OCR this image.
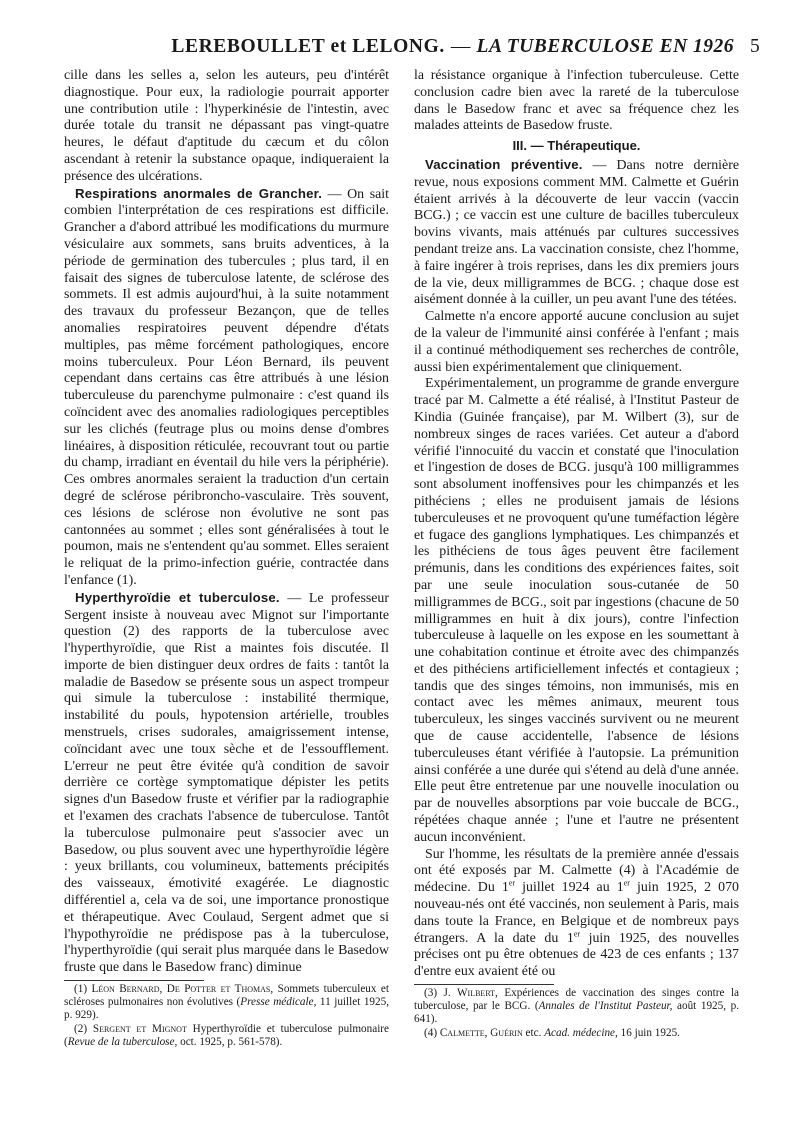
LEREBOULLET et LELONG. — LA TUBERCULOSE EN 1926 5

cille dans les selles a, selon les auteurs, peu d'intérêt diagnostique. Pour eux, la radiologie pourrait apporter une contribution utile : l'hyperkinésie de l'intestin, avec durée totale du transit ne dépassant pas vingt-quatre heures, le défaut d'aptitude du cæcum et du côlon ascendant à retenir la substance opaque, indiqueraient la présence des ulcérations.

Respirations anormales de Grancher. — On sait combien l'interprétation de ces respirations est difficile. Grancher a d'abord attribué les modifications du murmure vésiculaire aux sommets, sans bruits adventices, à la période de germination des tubercules ; plus tard, il en faisait des signes de tuberculose latente, de sclérose des sommets. Il est admis aujourd'hui, à la suite notamment des travaux du professeur Bezançon, que de telles anomalies respiratoires peuvent dépendre d'états multiples, pas même forcément pathologiques, encore moins tuberculeux. Pour Léon Bernard, ils peuvent cependant dans certains cas être attribués à une lésion tuberculeuse du parenchyme pulmonaire : c'est quand ils coïncident avec des anomalies radiologiques perceptibles sur les clichés (feutrage plus ou moins dense d'ombres linéaires, à disposition réticulée, recouvrant tout ou partie du champ, irradiant en éventail du hile vers la périphérie). Ces ombres anormales seraient la traduction d'un certain degré de sclérose péribroncho-vasculaire. Très souvent, ces lésions de sclérose non évolutive ne sont pas cantonnées au sommet ; elles sont généralisées à tout le poumon, mais ne s'entendent qu'au sommet. Elles seraient le reliquat de la primo-infection guérie, contractée dans l'enfance (1).

Hyperthyroïdie et tuberculose. — Le professeur Sergent insiste à nouveau avec Mignot sur l'importante question (2) des rapports de la tuberculose avec l'hyperthyroïdie, que Rist a maintes fois discutée. Il importe de bien distinguer deux ordres de faits : tantôt la maladie de Basedow se présente sous un aspect trompeur qui simule la tuberculose : instabilité thermique, instabilité du pouls, hypotension artérielle, troubles menstruels, crises sudorales, amaigrissement intense, coïncidant avec une toux sèche et de l'essoufflement. L'erreur ne peut être évitée qu'à condition de savoir derrière ce cortège symptomatique dépister les petits signes d'un Basedow fruste et vérifier par la radiographie et l'examen des crachats l'absence de tuberculose. Tantôt la tuberculose pulmonaire peut s'associer avec un Basedow, ou plus souvent avec une hyperthyroïdie légère : yeux brillants, cou volumineux, battements précipités des vaisseaux, émotivité exagérée. Le diagnostic différentiel a, cela va de soi, une importance pronostique et thérapeutique. Avec Coulaud, Sergent admet que si l'hypothyroïdie ne prédispose pas à la tuberculose, l'hyperthyroïdie (qui serait plus marquée dans le Basedow fruste que dans le Basedow franc) diminue

(1) Léon Bernard, De Potter et Thomas, Sommets tuberculeux et scléroses pulmonaires non évolutives (Presse médicale, 11 juillet 1925, p. 929).

(2) Sergent et Mignot Hyperthyroïdie et tuberculose pulmonaire (Revue de la tuberculose, oct. 1925, p. 561-578).

la résistance organique à l'infection tuberculeuse. Cette conclusion cadre bien avec la rareté de la tuberculose dans le Basedow franc et avec sa fréquence chez les malades atteints de Basedow fruste.

III. — Thérapeutique.

Vaccination préventive. — Dans notre dernière revue, nous exposions comment MM. Calmette et Guérin étaient arrivés à la découverte de leur vaccin (vaccin BCG.) ; ce vaccin est une culture de bacilles tuberculeux bovins vivants, mais atténués par cultures successives pendant treize ans. La vaccination consiste, chez l'homme, à faire ingérer à trois reprises, dans les dix premiers jours de la vie, deux milligrammes de BCG. ; chaque dose est aisément donnée à la cuiller, un peu avant l'une des tétées.

Calmette n'a encore apporté aucune conclusion au sujet de la valeur de l'immunité ainsi conférée à l'enfant ; mais il a continué méthodiquement ses recherches de contrôle, aussi bien expérimentalement que cliniquement.

Expérimentalement, un programme de grande envergure tracé par M. Calmette a été réalisé, à l'Institut Pasteur de Kindia (Guinée française), par M. Wilbert (3), sur de nombreux singes de races variées. Cet auteur a d'abord vérifié l'innocuité du vaccin et constaté que l'inoculation et l'ingestion de doses de BCG. jusqu'à 100 milligrammes sont absolument inoffensives pour les chimpanzés et les pithéciens ; elles ne produisent jamais de lésions tuberculeuses et ne provoquent qu'une tuméfaction légère et fugace des ganglions lymphatiques. Les chimpanzés et les pithéciens de tous âges peuvent être facilement prémunis, dans les conditions des expériences faites, soit par une seule inoculation sous-cutanée de 50 milligrammes de BCG., soit par ingestions (chacune de 50 milligrammes en huit à dix jours), contre l'infection tuberculeuse à laquelle on les expose en les soumettant à une cohabitation continue et étroite avec des chimpanzés et des pithéciens artificiellement infectés et contagieux ; tandis que des singes témoins, non immunisés, mis en contact avec les mêmes animaux, meurent tous tuberculeux, les singes vaccinés survivent ou ne meurent que de cause accidentelle, l'absence de lésions tuberculeuses étant vérifiée à l'autopsie. La prémunition ainsi conférée a une durée qui s'étend au delà d'une année. Elle peut être entretenue par une nouvelle inoculation ou par de nouvelles absorptions par voie buccale de BCG., répétées chaque année ; l'une et l'autre ne présentent aucun inconvénient.

Sur l'homme, les résultats de la première année d'essais ont été exposés par M. Calmette (4) à l'Académie de médecine. Du 1er juillet 1924 au 1er juin 1925, 2 070 nouveau-nés ont été vaccinés, non seulement à Paris, mais dans toute la France, en Belgique et de nombreux pays étrangers. A la date du 1er juin 1925, des nouvelles précises ont pu être obtenues de 423 de ces enfants ; 137 d'entre eux avaient été ou

(3) J. Wilbert, Expériences de vaccination des singes contre la tuberculose, par le BCG. (Annales de l'Institut Pasteur, août 1925, p. 641).

(4) Calmette, Guérin etc. Acad. médecine, 16 juin 1925.
